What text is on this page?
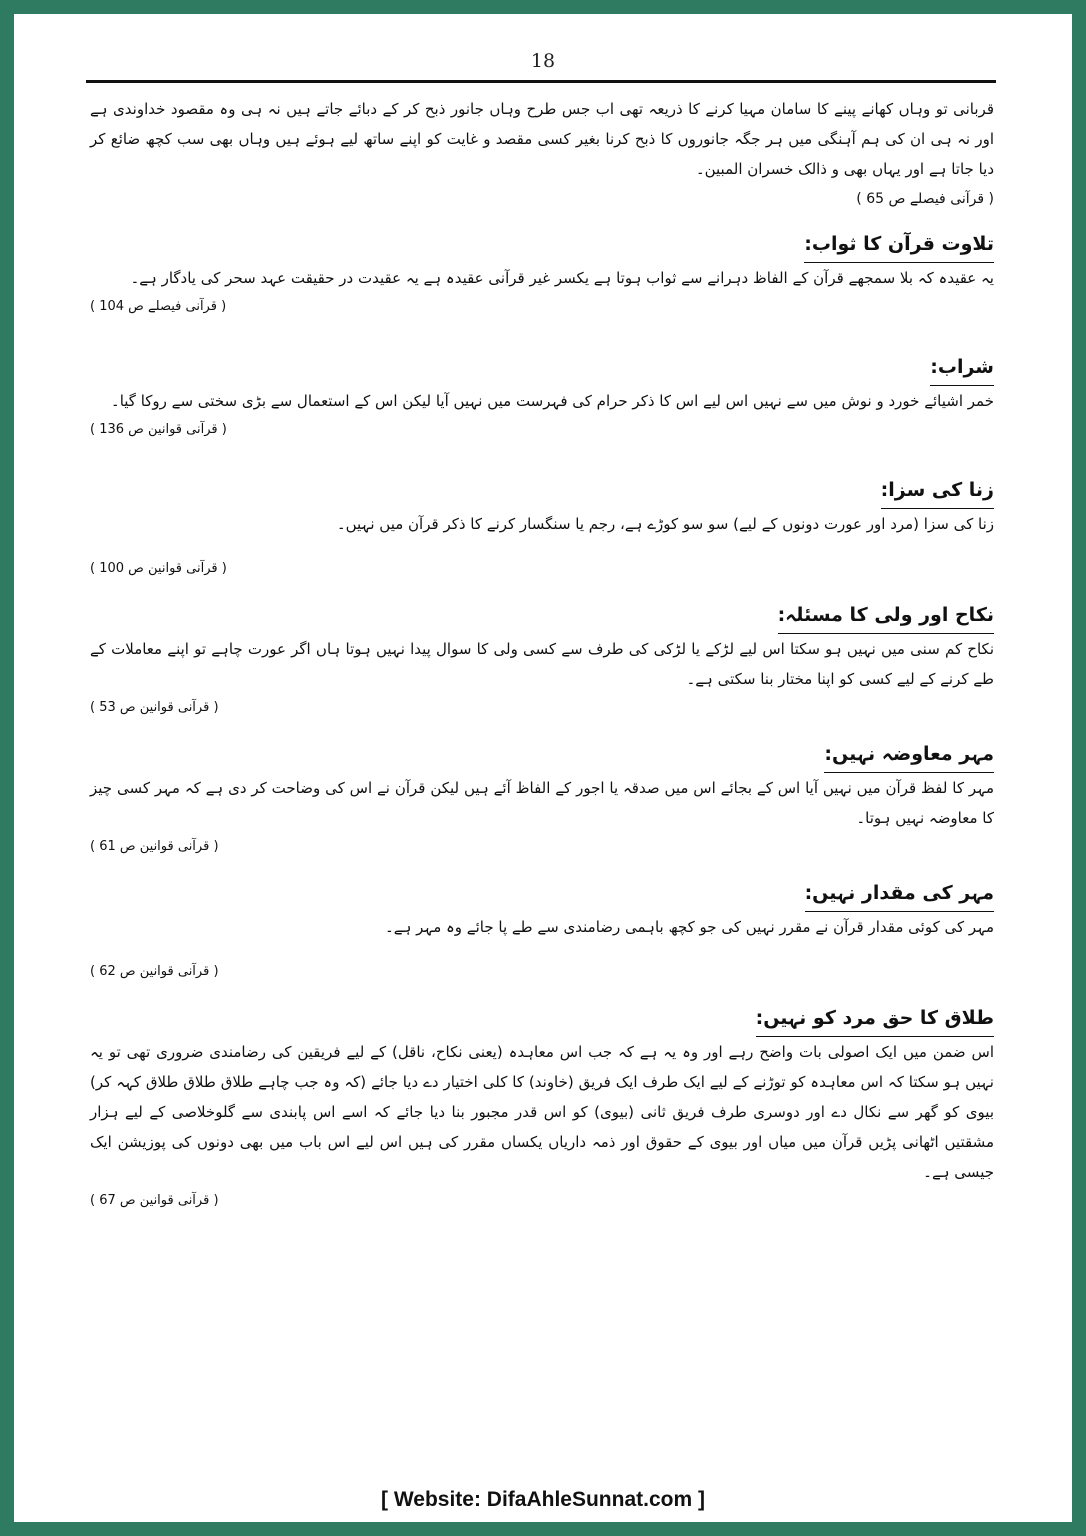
18

قربانی تو وہاں کھانے پینے کا سامان مہیا کرنے کا ذریعہ تھی اب جس طرح وہاں جانور ذبح کر کے دبائے جاتے ہیں نہ ہی وہ مقصود خداوندی ہے اور نہ ہی ان کی ہم آہنگی میں ہر جگہ جانوروں کا ذبح کرنا بغیر کسی مقصد و غایت کو اپنے ساتھ لیے ہوئے ہیں وہاں بھی سب کچھ ضائع کر دیا جاتا ہے اور یہاں بھی و ذالک خسران المبین۔

( قرآنی فیصلے ص 65 )

تلاوت قرآن کا ثواب:

یہ عقیدہ کہ بلا سمجھے قرآن کے الفاظ دہرانے سے ثواب ہوتا ہے یکسر غیر قرآنی عقیدہ ہے یہ عقیدت در حقیقت عہد سحر کی یادگار ہے۔

( قرآنی فیصلے ص 104 )

شراب:

خمر اشیائے خورد و نوش میں سے نہیں اس لیے اس کا ذکر حرام کی فہرست میں نہیں آیا لیکن اس کے استعمال سے بڑی سختی سے روکا گیا۔

( قرآنی قوانین ص 136 )

زنا کی سزا:

زنا کی سزا (مرد اور عورت دونوں کے لیے) سو سو کوڑے ہے، رجم یا سنگسار کرنے کا ذکر قرآن میں نہیں۔

( قرآنی قوانین ص 100 )

نکاح اور ولی کا مسئلہ:

نکاح کم سنی میں نہیں ہو سکتا اس لیے لڑکے یا لڑکی کی طرف سے کسی ولی کا سوال پیدا نہیں ہوتا ہاں اگر عورت چاہے تو اپنے معاملات کے طے کرنے کے لیے کسی کو اپنا مختار بنا سکتی ہے۔

( قرآنی قوانین ص 53 )

مہر معاوضہ نہیں:

مہر کا لفظ قرآن میں نہیں آیا اس کے بجائے اس میں صدقہ یا اجور کے الفاظ آئے ہیں لیکن قرآن نے اس کی وضاحت کر دی ہے کہ مہر کسی چیز کا معاوضہ نہیں ہوتا۔

( قرآنی قوانین ص 61 )

مہر کی مقدار نہیں:

مہر کی کوئی مقدار قرآن نے مقرر نہیں کی جو کچھ باہمی رضامندی سے طے پا جائے وہ مہر ہے۔

( قرآنی قوانین ص 62 )

طلاق کا حق مرد کو نہیں:

اس ضمن میں ایک اصولی بات واضح رہے اور وہ یہ ہے کہ جب اس معاہدہ (یعنی نکاح، ناقل) کے لیے فریقین کی رضامندی ضروری تھی تو یہ نہیں ہو سکتا کہ اس معاہدہ کو توڑنے کے لیے ایک طرف ایک فریق (خاوند) کا کلی اختیار دے دیا جائے (کہ وہ جب چاہے طلاق طلاق طلاق کہہ کر) بیوی کو گھر سے نکال دے اور دوسری طرف فریق ثانی (بیوی) کو اس قدر مجبور بنا دیا جائے کہ اسے اس پابندی سے گلوخلاصی کے لیے ہزار مشقتیں اٹھانی پڑیں قرآن میں میاں اور بیوی کے حقوق اور ذمہ داریاں یکساں مقرر کی ہیں اس لیے اس باب میں بھی دونوں کی پوزیشن ایک جیسی ہے۔

( قرآنی قوانین ص 67 )

[ Website: DifaAhleSunnat.com ]
